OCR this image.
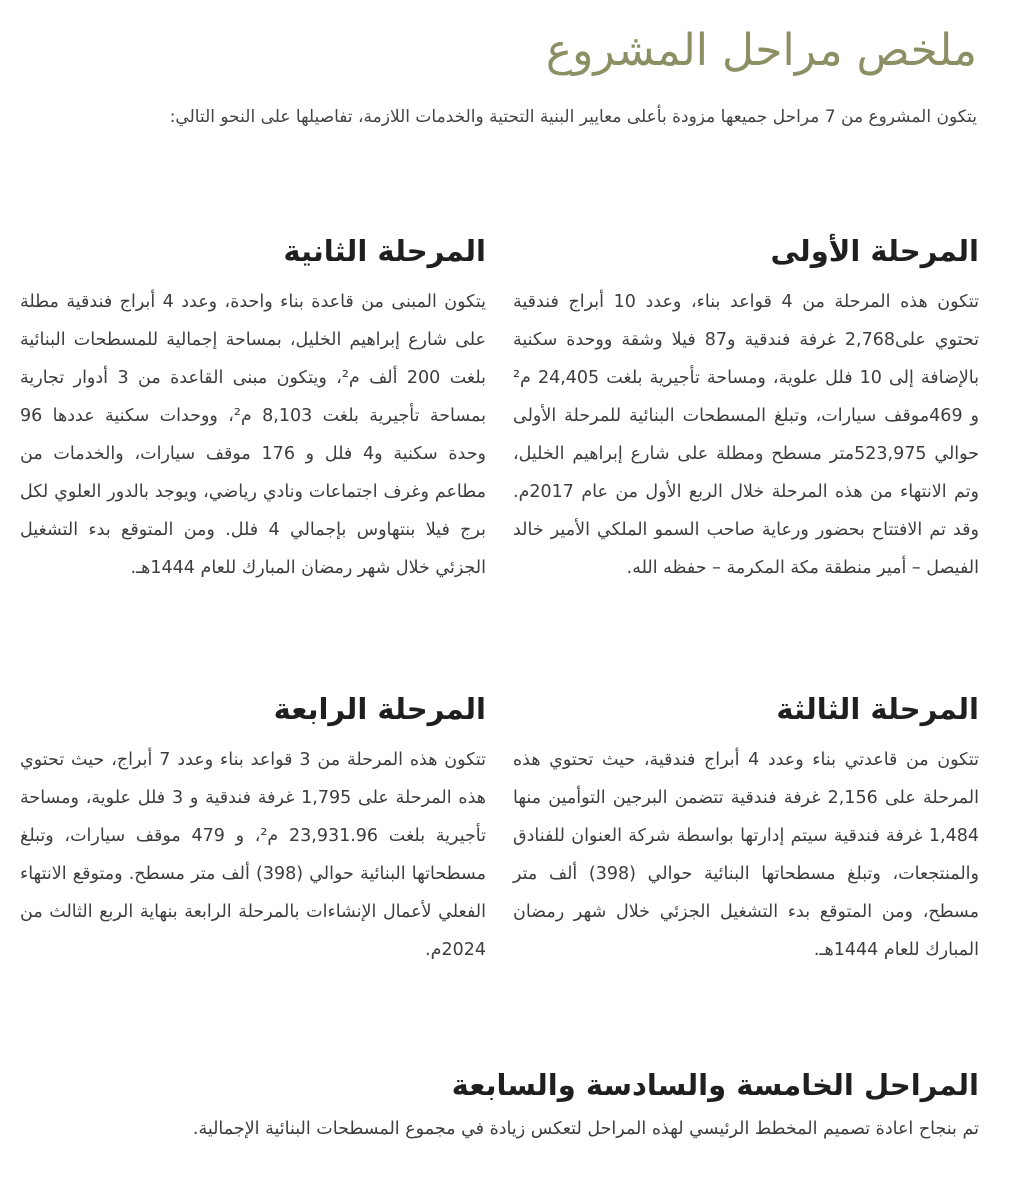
ملخص مراحل المشروع

يتكون المشروع من 7 مراحل جميعها مزودة بأعلى معايير البنية التحتية والخدمات اللازمة، تفاصيلها على النحو التالي:

المرحلة الأولى

تتكون هذه المرحلة من 4 قواعد بناء، وعدد 10 أبراج فندقية تحتوي على2,768 غرفة فندقية و87 فيلا وشقة ووحدة سكنية بالإضافة إلى 10 فلل علوية، ومساحة تأجيرية بلغت 24,405 م² و 469موقف سيارات، وتبلغ المسطحات البنائية للمرحلة الأولى حوالي 523,975متر مسطح ومطلة على شارع إبراهيم الخليل، وتم الانتهاء من هذه المرحلة خلال الربع الأول من عام 2017م. وقد تم الافتتاح بحضور ورعاية صاحب السمو الملكي الأمير خالد الفيصل – أمير منطقة مكة المكرمة – حفظه الله.

المرحلة الثانية

يتكون المبنى من قاعدة بناء واحدة، وعدد 4 أبراج فندقية مطلة على شارع إبراهيم الخليل، بمساحة إجمالية للمسطحات البنائية بلغت 200 ألف م²، ويتكون مبنى القاعدة من 3 أدوار تجارية بمساحة تأجيرية بلغت 8,103 م²، ووحدات سكنية عددها 96 وحدة سكنية و4 فلل و 176 موقف سيارات، والخدمات من مطاعم وغرف اجتماعات ونادي رياضي، ويوجد بالدور العلوي لكل برج فيلا بنتهاوس بإجمالي 4 فلل. ومن المتوقع بدء التشغيل الجزئي خلال شهر رمضان المبارك للعام 1444هـ.

المرحلة الثالثة

تتكون من قاعدتي بناء وعدد 4 أبراج فندقية، حيث تحتوي هذه المرحلة على 2,156 غرفة فندقية تتضمن البرجين التوأمين منها 1,484 غرفة فندقية سيتم إدارتها بواسطة شركة العنوان للفنادق والمنتجعات، وتبلغ مسطحاتها البنائية حوالي (398) ألف متر مسطح، ومن المتوقع بدء التشغيل الجزئي خلال شهر رمضان المبارك للعام 1444هـ.

المرحلة الرابعة

تتكون هذه المرحلة من 3 قواعد بناء وعدد 7 أبراج، حيث تحتوي هذه المرحلة على 1,795 غرفة فندقية و 3 فلل علوية، ومساحة تأجيرية بلغت 23,931.96 م²، و 479 موقف سيارات، وتبلغ مسطحاتها البنائية حوالي (398) ألف متر مسطح. ومتوقع الانتهاء الفعلي لأعمال الإنشاءات بالمرحلة الرابعة بنهاية الربع الثالث من 2024م.

المراحل الخامسة والسادسة والسابعة

تم بنجاح اعادة تصميم المخطط الرئيسي لهذه المراحل لتعكس زيادة في مجموع المسطحات البنائية الإجمالية.
